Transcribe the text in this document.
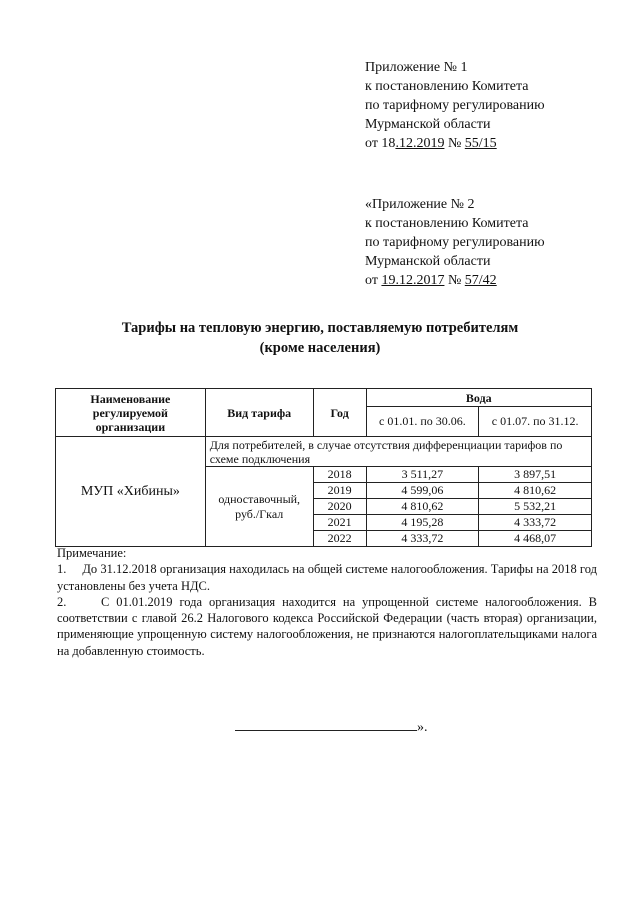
Приложение № 1
к постановлению Комитета
по тарифному регулированию
Мурманской области
от 18.12.2019 № 55/15
«Приложение № 2
к постановлению Комитета
по тарифному регулированию
Мурманской области
от 19.12.2017 № 57/42
Тарифы на тепловую энергию, поставляемую потребителям
(кроме населения)
Наименование регулируемой организации	Вид тарифа	Год	Вода	
			с 01.01. по 30.06.	с 01.07. по 31.12.
МУП «Хибины»	Для потребителей, в случае отсутствия дифференциации тарифов по схеме подключения			
	одноставочный, руб./Гкал	2018	3 511,27	3 897,51
		2019	4 599,06	4 810,62
		2020	4 810,62	5 532,21
		2021	4 195,28	4 333,72
		2022	4 333,72	4 468,07

Примечание:

1. До 31.12.2018 организация находилась на общей системе налогообложения. Тарифы на 2018 год установлены без учета НДС.

2.	С 01.01.2019 года организация находится на упрощенной системе налогообложения. В соответствии с главой 26.2 Налогового кодекса Российской Федерации (часть вторая) организации, применяющие упрощенную систему налогообложения, не признаются налогоплательщиками налога на добавленную стоимость.

».
